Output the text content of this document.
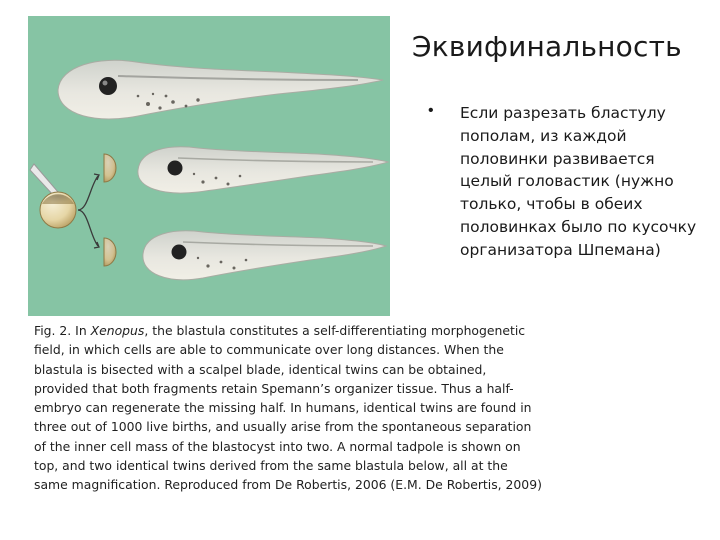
Эквифинальность
• Если разрезать бластулу пополам, из каждой половинки развивается целый головастик (нужно только, чтобы в обеих половинках было по кусочку организатора Шпемана)
Fig. 2. In Xenopus, the blastula constitutes a self-differentiating morphogenetic field, in which cells are able to communicate over long distances. When the blastula is bisected with a scalpel blade, identical twins can be obtained, provided that both fragments retain Spemann’s organizer tissue. Thus a half-embryo can regenerate the missing half. In humans, identical twins are found in three out of 1000 live births, and usually arise from the spontaneous separation of the inner cell mass of the blastocyst into two. A normal tadpole is shown on top, and two identical twins derived from the same blastula below, all at the same magnification. Reproduced from De Robertis, 2006 (E.M. De Robertis, 2009)
